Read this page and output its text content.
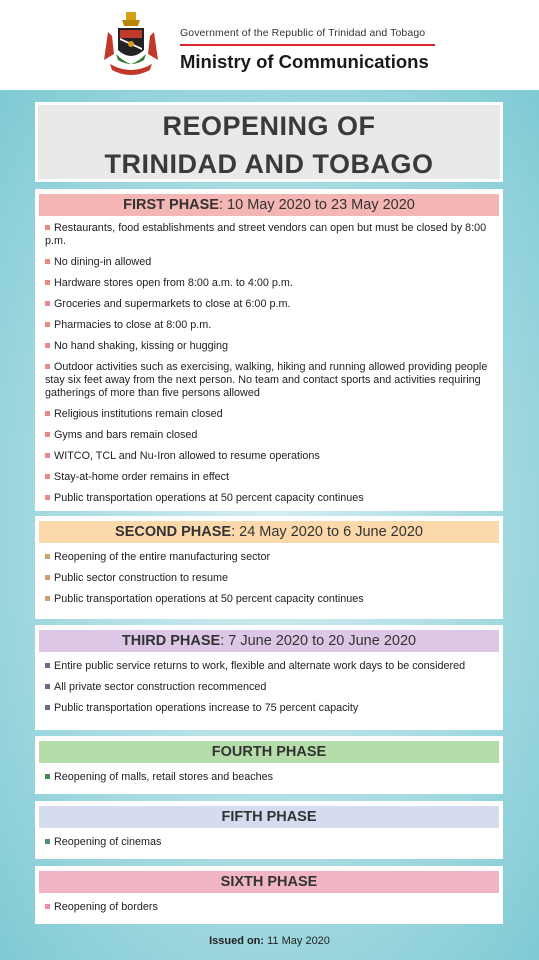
Government of the Republic of Trinidad and Tobago
Ministry of Communications
REOPENING OF
TRINIDAD AND TOBAGO
FIRST PHASE: 10 May 2020 to 23 May 2020
Restaurants, food establishments and street vendors can open but must be closed by 8:00 p.m.
No dining-in allowed
Hardware stores open from 8:00 a.m. to 4:00 p.m.
Groceries and supermarkets to close at 6:00 p.m.
Pharmacies to close at 8:00 p.m.
No hand shaking, kissing or hugging
Outdoor activities such as exercising, walking, hiking and running allowed providing people stay six feet away from the next person. No team and contact sports and activities requiring gatherings of more than five persons allowed
Religious institutions remain closed
Gyms and bars remain closed
WITCO, TCL and Nu-Iron allowed to resume operations
Stay-at-home order remains in effect
Public transportation operations at 50 percent capacity continues
SECOND PHASE: 24 May 2020 to 6 June 2020
Reopening of the entire manufacturing sector
Public sector construction to resume
Public transportation operations at 50 percent capacity continues
THIRD PHASE: 7 June 2020 to 20 June 2020
Entire public service returns to work, flexible and alternate work days to be considered
All private sector construction recommenced
Public transportation operations increase to 75 percent capacity
FOURTH PHASE
Reopening of malls, retail stores and beaches
FIFTH PHASE
Reopening of cinemas
SIXTH PHASE
Reopening of borders
Issued on: 11 May 2020
